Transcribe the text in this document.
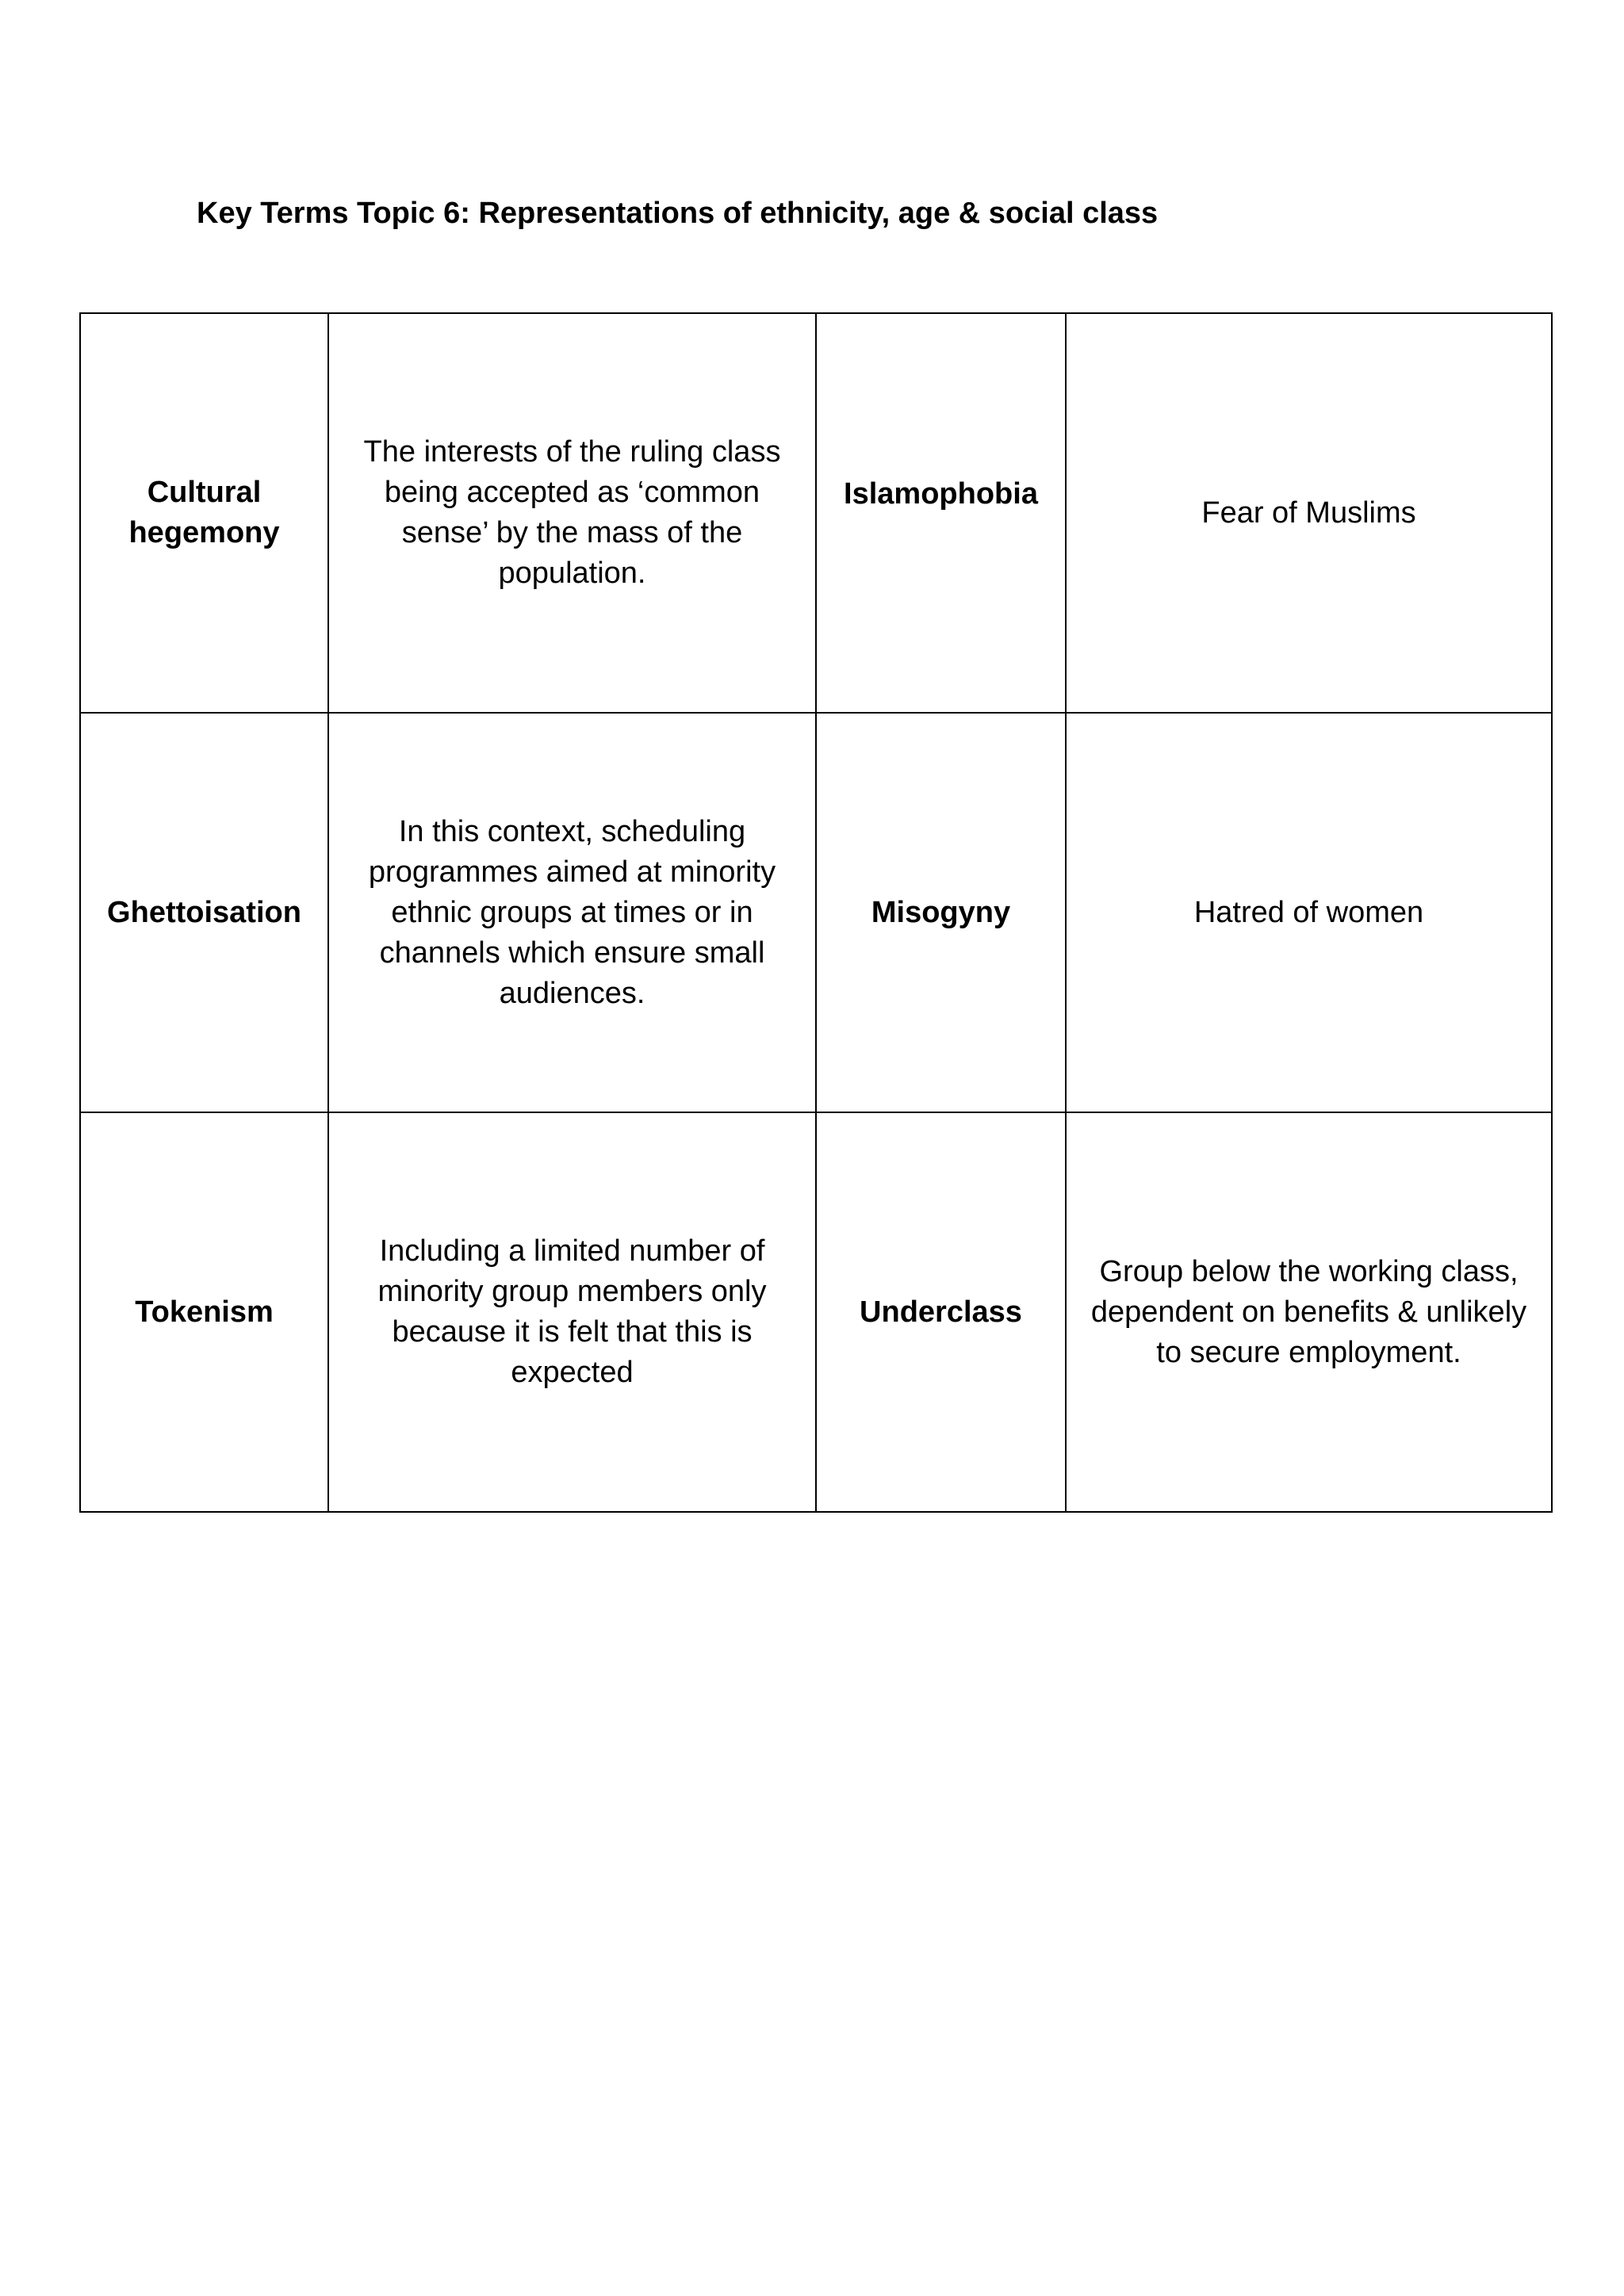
Key Terms Topic 6: Representations of ethnicity, age & social class
Cultural hegemony	The interests of the ruling class being accepted as ‘common sense’ by the mass of the population.	Islamophobia	Fear of Muslims
Ghettoisation	In this context, scheduling programmes aimed at minority ethnic groups at times or in channels which ensure small audiences.	Misogyny	Hatred of women
Tokenism	Including a limited number of minority group members only because it is felt that this is expected	Underclass	Group below the working class, dependent on benefits & unlikely to secure employment.
